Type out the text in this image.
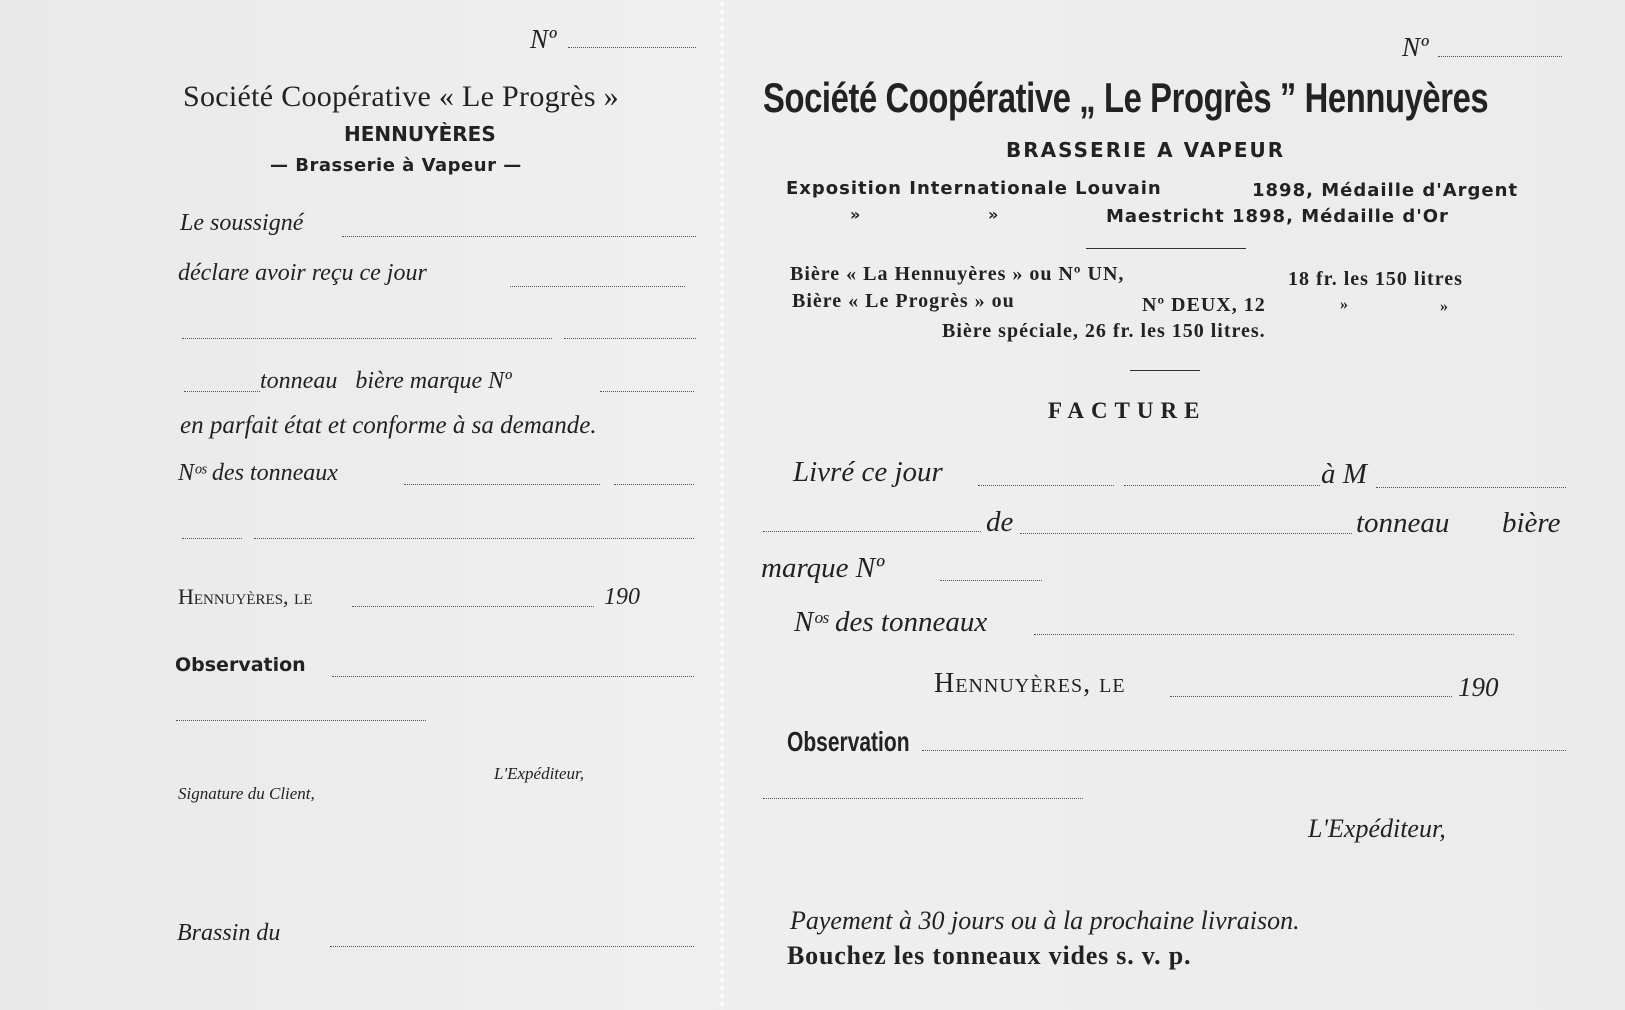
Nº
Société Coopérative « Le Progrès »
HENNUYÈRES
— Brasserie à Vapeur —
Le soussigné
déclare avoir reçu ce jour
tonneau   bière marque Nº
en parfait état et conforme à sa demande.
Nᵒˢ des tonneaux
Hennuyères, le	190
Observation
L'Expéditeur,
Signature du Client,
Brassin du
Nº
Société Coopérative „ Le Progrès ” Hennuyères
BRASSERIE A VAPEUR
Exposition Internationale Louvain	1898, Médaille d'Argent
»	»	Maestricht 1898, Médaille d'Or
Bière « La Hennuyères » ou Nº UN,	18 fr. les 150 litres
Bière « Le Progrès » ou	Nº DEUX, 12	»	»
Bière spéciale, 26 fr. les 150 litres.
FACTURE
Livré ce jour	à M
de	tonneau bière
marque Nº
Nᵒˢ des tonneaux
Hennuyères, le	190
Observation
L'Expéditeur,
Payement à 30 jours ou à la prochaine livraison.
Bouchez les tonneaux vides s. v. p.
